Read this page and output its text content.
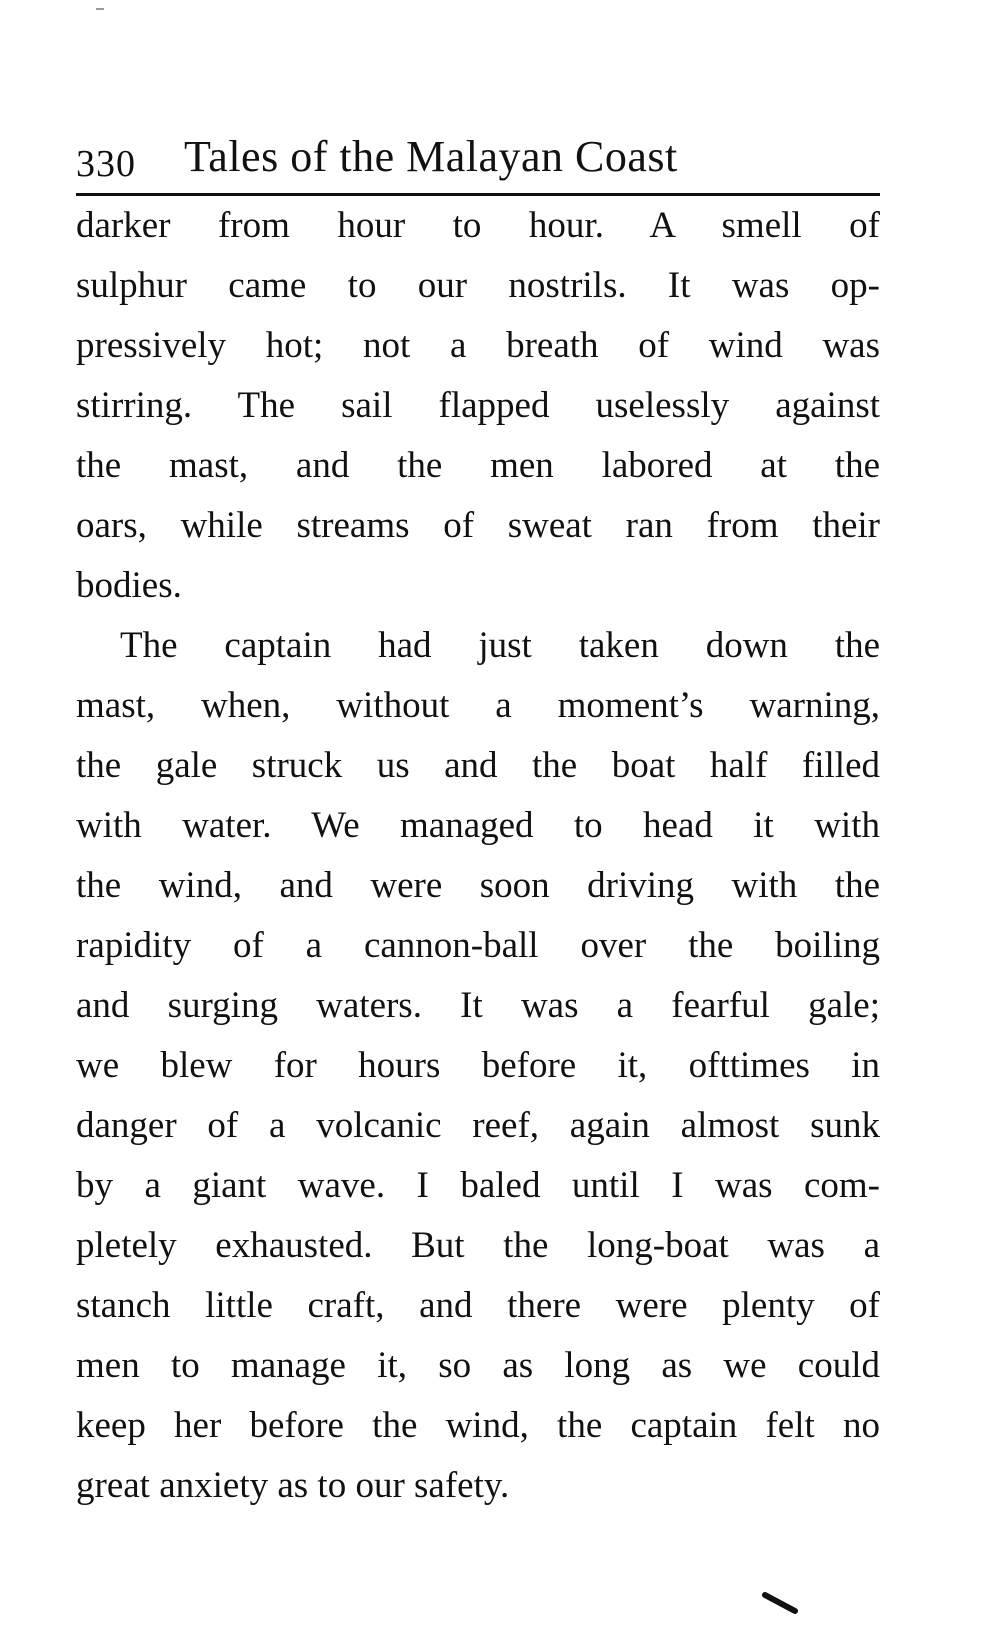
330 Tales of the Malayan Coast
darker from hour to hour. A smell of
sulphur came to our nostrils. It was op-
pressively hot; not a breath of wind was
stirring. The sail flapped uselessly against
the mast, and the men labored at the
oars, while streams of sweat ran from their
bodies.
The captain had just taken down the
mast, when, without a moment’s warning,
the gale struck us and the boat half filled
with water. We managed to head it with
the wind, and were soon driving with the
rapidity of a cannon-ball over the boiling
and surging waters. It was a fearful gale;
we blew for hours before it, ofttimes in
danger of a volcanic reef, again almost sunk
by a giant wave. I baled until I was com-
pletely exhausted. But the long-boat was a
stanch little craft, and there were plenty of
men to manage it, so as long as we could
keep her before the wind, the captain felt no
great anxiety as to our safety.
